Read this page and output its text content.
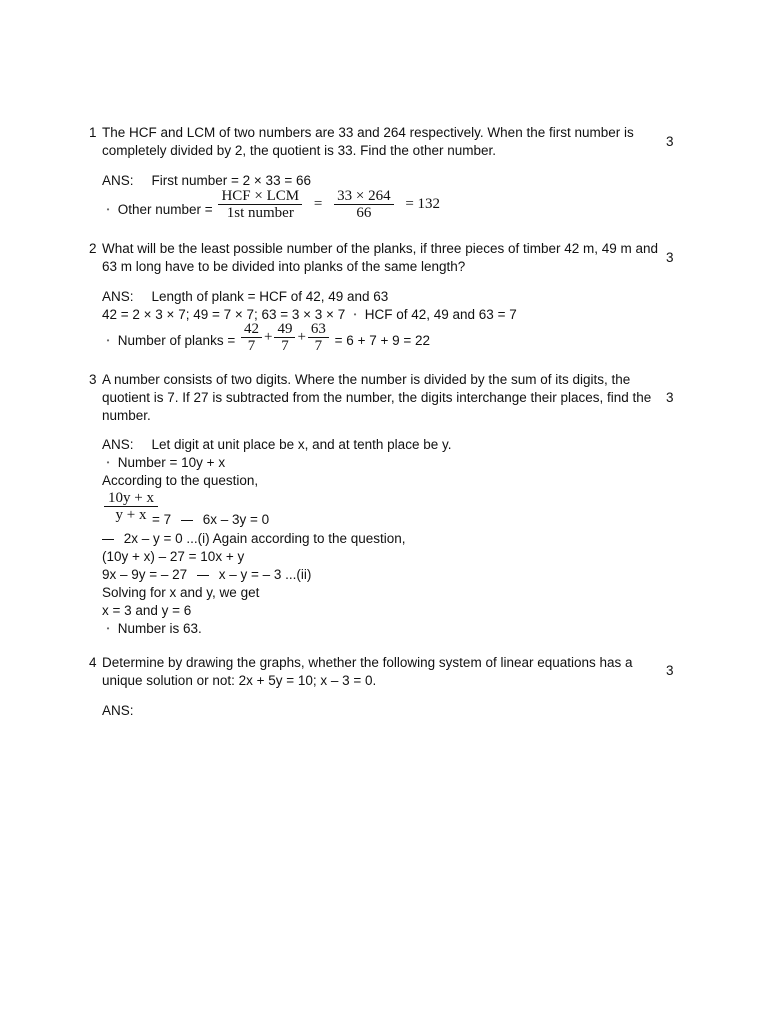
1 The HCF and LCM of two numbers are 33 and 264 respectively. When the first number is completely divided by 2, the quotient is 33. Find the other number.
3
ANS: First number = 2 × 33 = 66
• Other number = $\frac{\text{HCF × LCM}}{\text{1st number}} = \frac{33 \times 264}{66} = 132$
2 What will be the least possible number of the planks, if three pieces of timber 42 m, 49 m and 63 m long have to be divided into planks of the same length?
3
ANS: Length of plank = HCF of 42, 49 and 63
42 = 2 × 3 × 7; 49 = 7 × 7; 63 = 3 × 3 × 7 • HCF of 42, 49 and 63 = 7
• Number of planks = $\frac{42}{7} + \frac{49}{7} + \frac{63}{7} = 6 + 7 + 9 = 22$
3 A number consists of two digits. Where the number is divided by the sum of its digits, the quotient is 7. If 27 is subtracted from the number, the digits interchange their places, find the number.
3
ANS: Let digit at unit place be x, and at tenth place be y.
• Number = 10y + x
According to the question,
$\frac{10y + x}{y + x}$
= 7 6x – 3y = 0
2x – y = 0 ...(i) Again according to the question,
(10y + x) – 27 = 10x + y
9x – 9y = – 27 x – y = – 3 ...(ii)
Solving for x and y, we get
x = 3 and y = 6
• Number is 63.
4 Determine by drawing the graphs, whether the following system of linear equations has a unique solution or not: 2x + 5y = 10; x – 3 = 0.
3
ANS:
